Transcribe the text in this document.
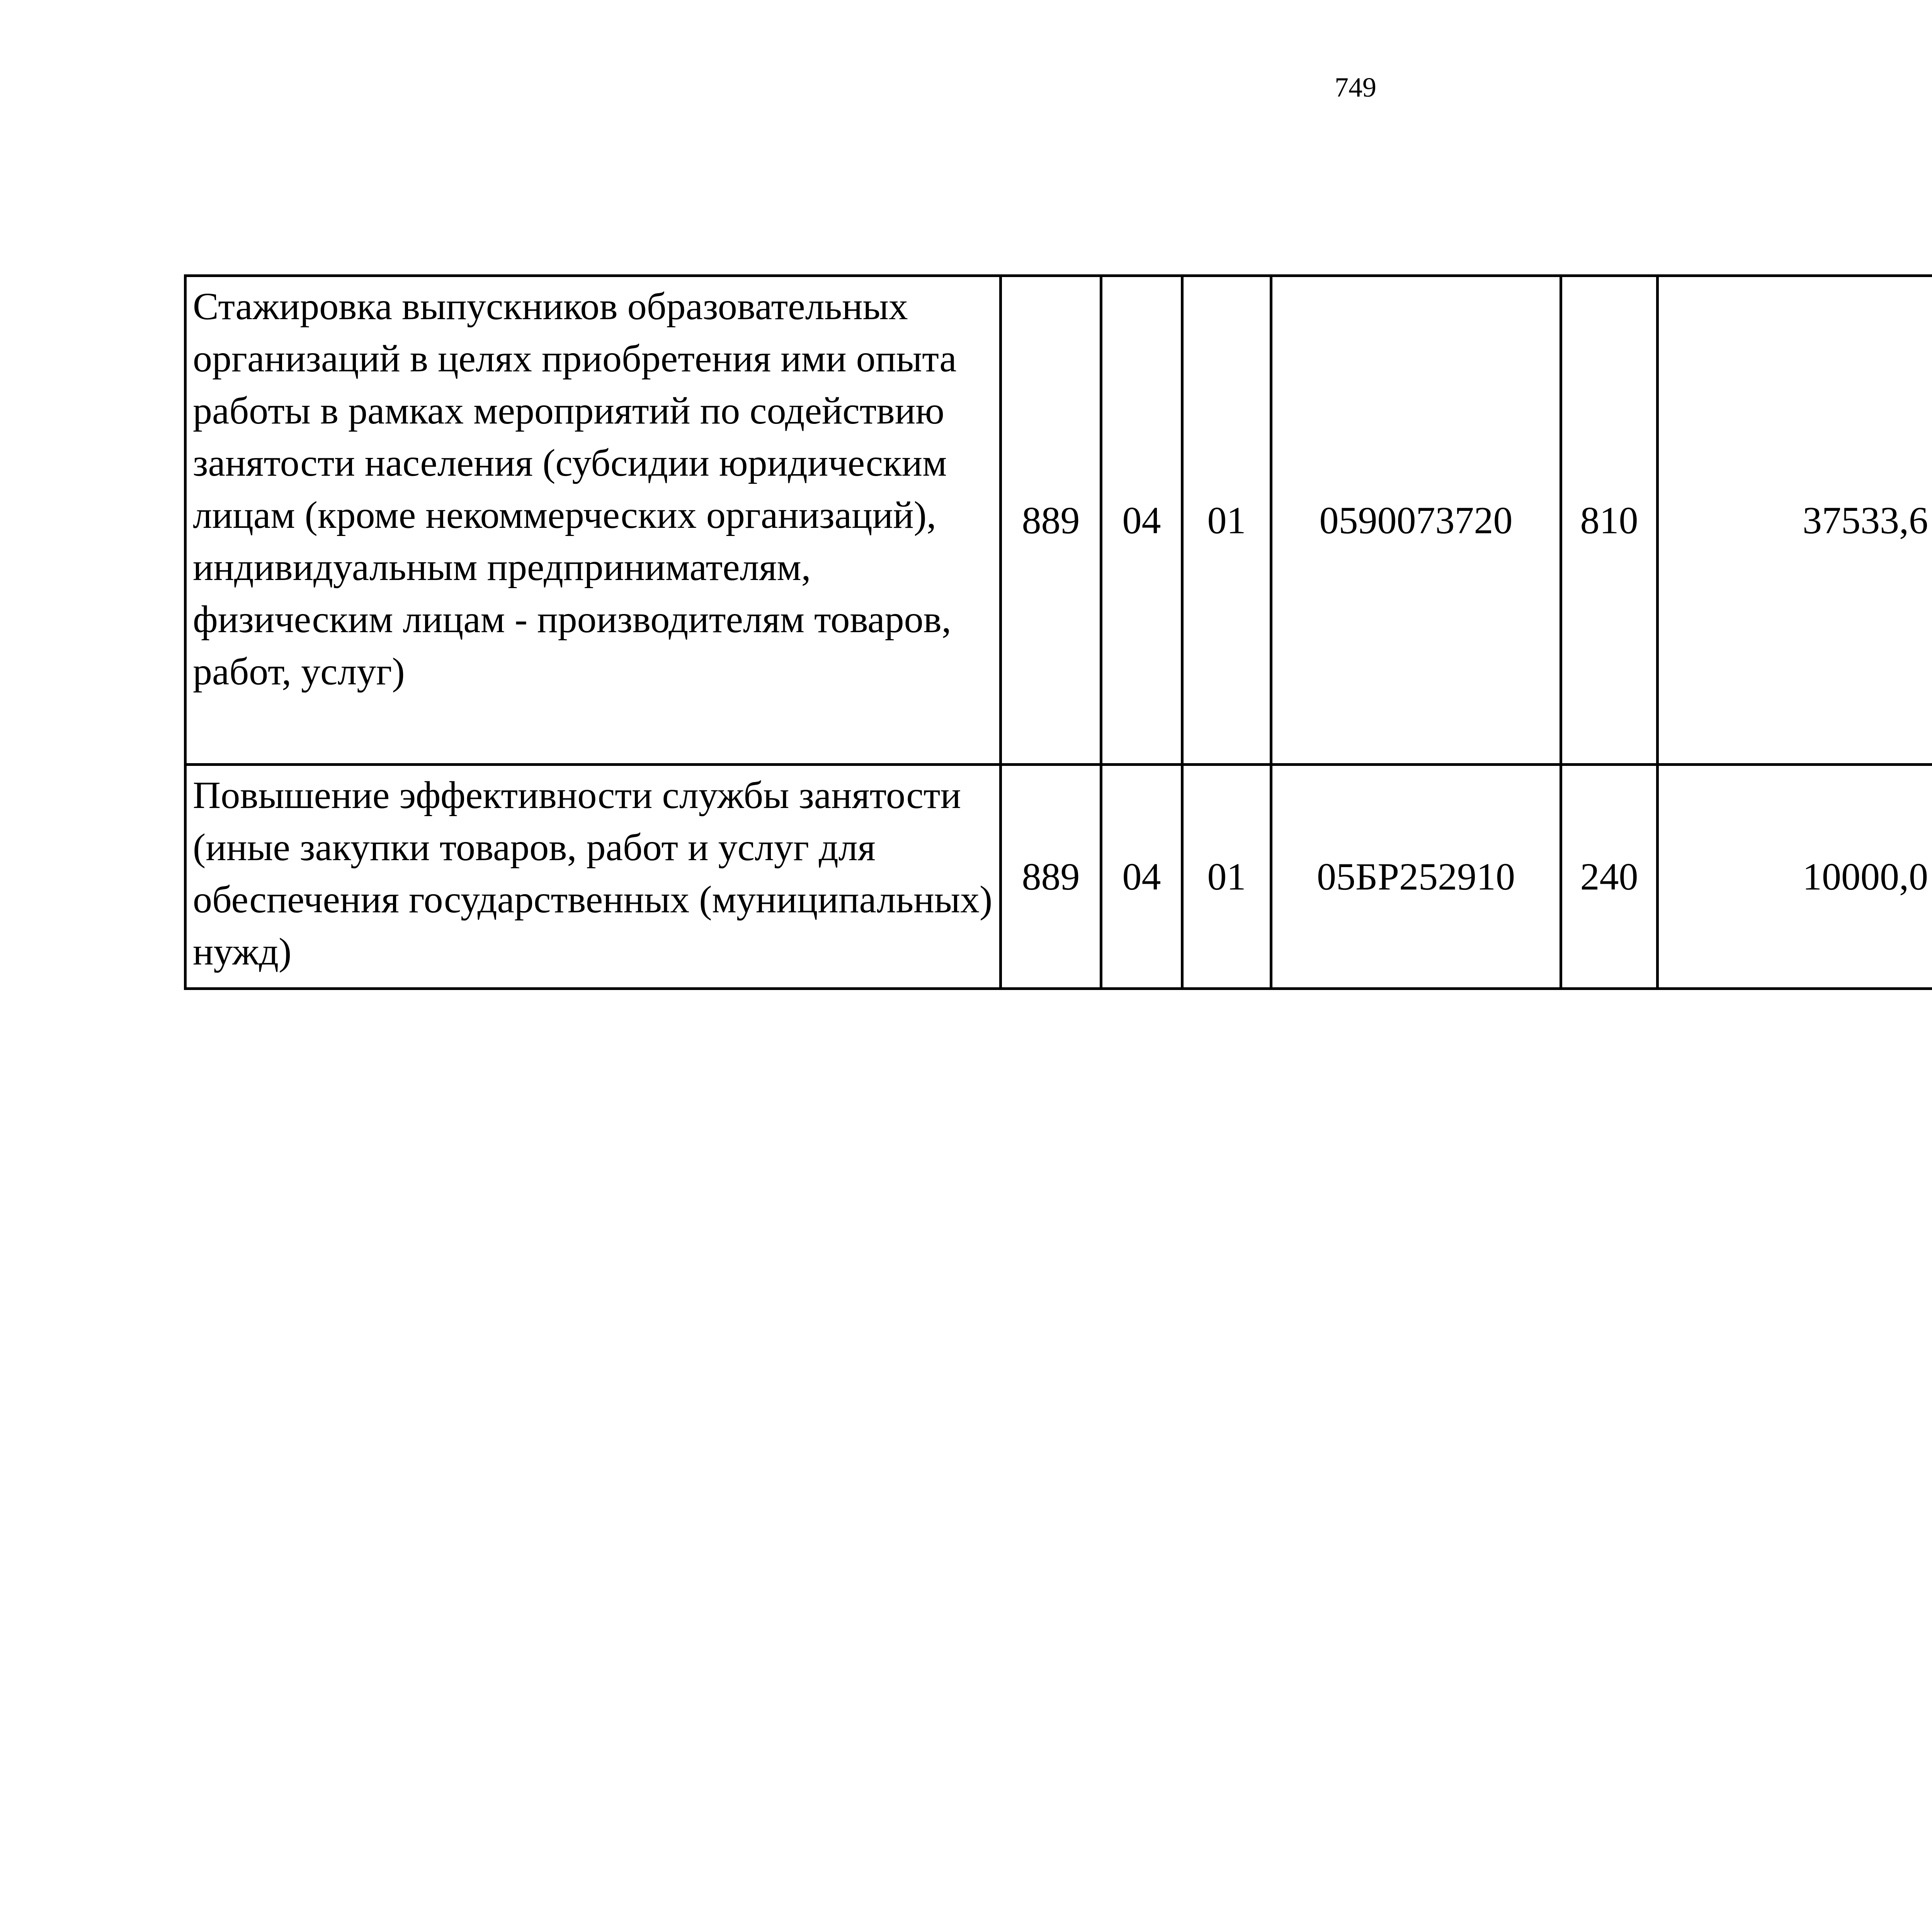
749
Стажировка выпускников образовательных организаций в целях приобретения ими опыта работы в рамках мероприятий по содействию занятости населения (субсидии юридическим лицам (кроме некоммерческих организаций), индивидуальным предпринимателям, физическим лицам - производителям товаров, работ, услуг)	889	04	01	0590073720	810	37533,6		
Повышение эффективности службы занятости (иные закупки товаров, работ и услуг для обеспечения государственных (муниципальных) нужд)	889	04	01	05БР252910	240	10000,0		
